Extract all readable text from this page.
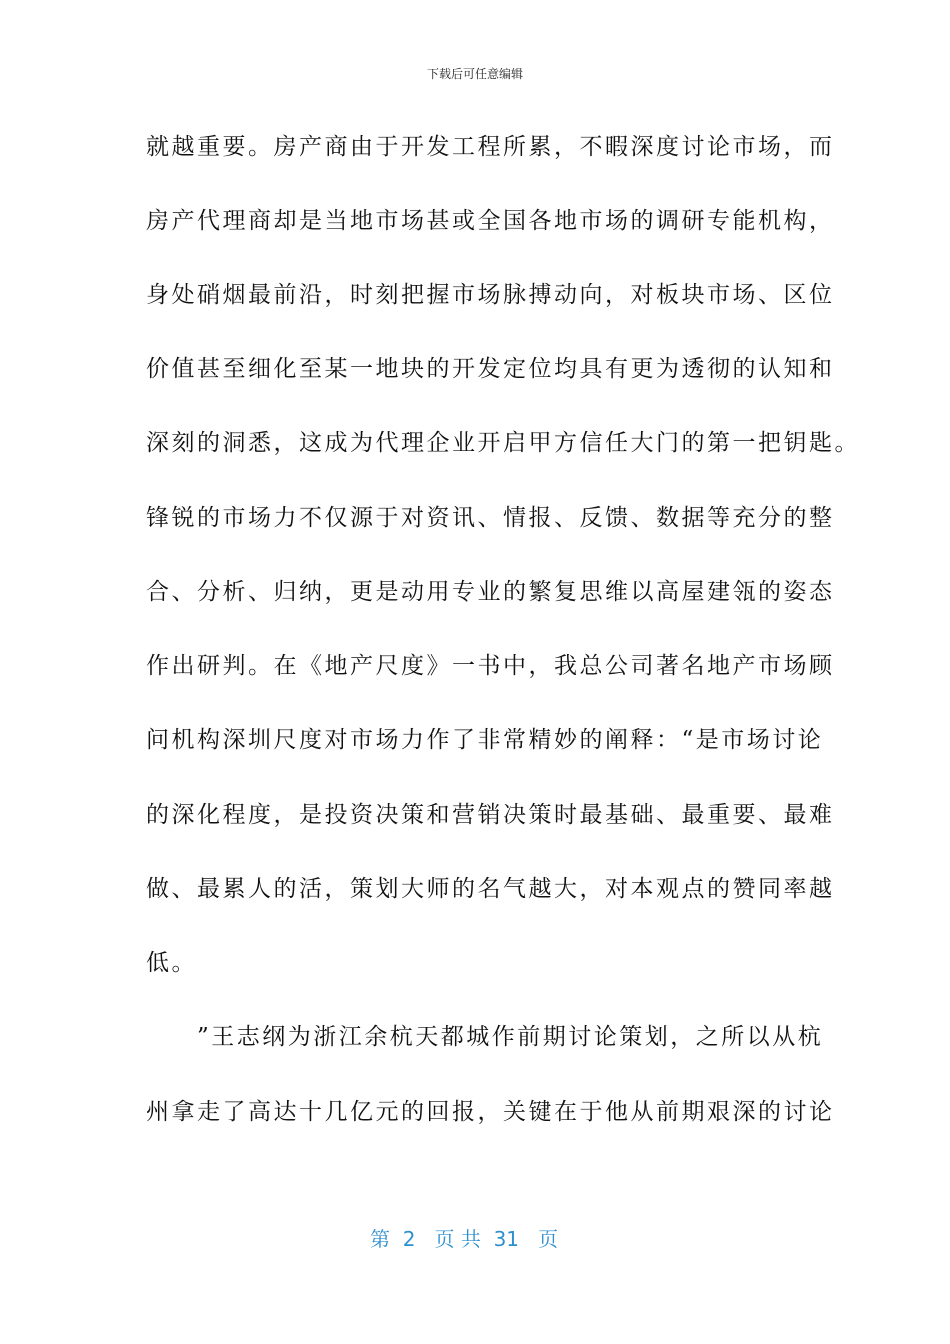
下载后可任意编辑
就越重要。房产商由于开发工程所累，不暇深度讨论市场，而
房产代理商却是当地市场甚或全国各地市场的调研专能机构，
身处硝烟最前沿，时刻把握市场脉搏动向，对板块市场、区位
价值甚至细化至某一地块的开发定位均具有更为透彻的认知和
深刻的洞悉，这成为代理企业开启甲方信任大门的第一把钥匙。
锋锐的市场力不仅源于对资讯、情报、反馈、数据等充分的整
合、分析、归纳，更是动用专业的繁复思维以高屋建瓴的姿态
作出研判。在《地产尺度》一书中，我总公司著名地产市场顾
问机构深圳尺度对市场力作了非常精妙的阐释：“是市场讨论
的深化程度，是投资决策和营销决策时最基础、最重要、最难
做、最累人的活，策划大师的名气越大，对本观点的赞同率越
低。
　　”王志纲为浙江余杭天都城作前期讨论策划，之所以从杭
州拿走了高达十几亿元的回报，关键在于他从前期艰深的讨论
第  2   页 共  31   页
